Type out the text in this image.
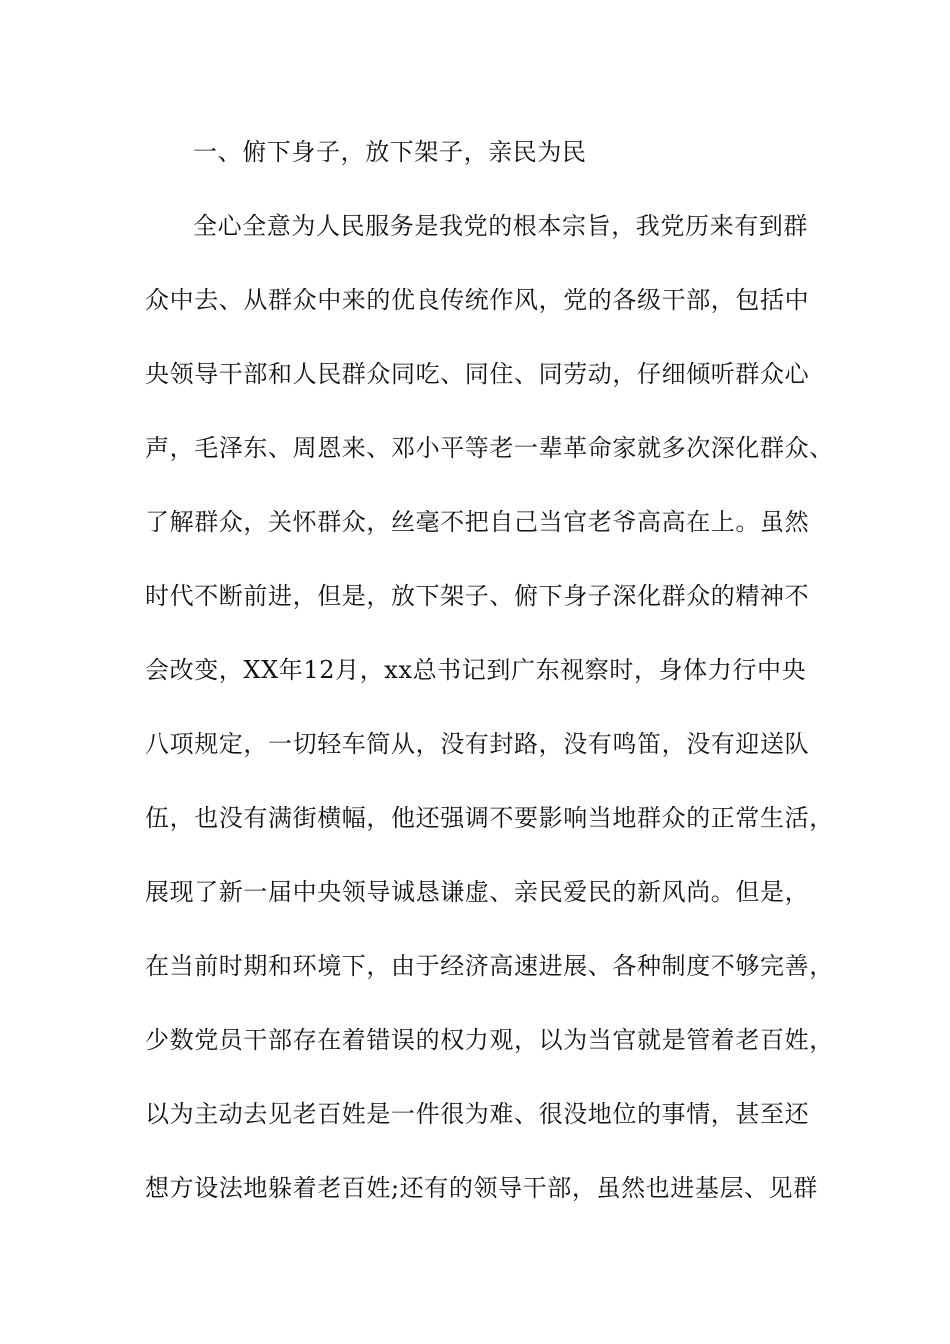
一、俯下身子，放下架子，亲民为民
全心全意为人民服务是我党的根本宗旨，我党历来有到群
众中去、从群众中来的优良传统作风，党的各级干部，包括中
央领导干部和人民群众同吃、同住、同劳动，仔细倾听群众心
声，毛泽东、周恩来、邓小平等老一辈革命家就多次深化群众、
了解群众，关怀群众，丝毫不把自己当官老爷高高在上。虽然
时代不断前进，但是，放下架子、俯下身子深化群众的精神不
会改变，XX年12月，xx总书记到广东视察时，身体力行中央
八项规定，一切轻车简从，没有封路，没有鸣笛，没有迎送队
伍，也没有满街横幅，他还强调不要影响当地群众的正常生活，
展现了新一届中央领导诚恳谦虚、亲民爱民的新风尚。但是，
在当前时期和环境下，由于经济高速进展、各种制度不够完善，
少数党员干部存在着错误的权力观，以为当官就是管着老百姓，
以为主动去见老百姓是一件很为难、很没地位的事情，甚至还
想方设法地躲着老百姓;还有的领导干部，虽然也进基层、见群
